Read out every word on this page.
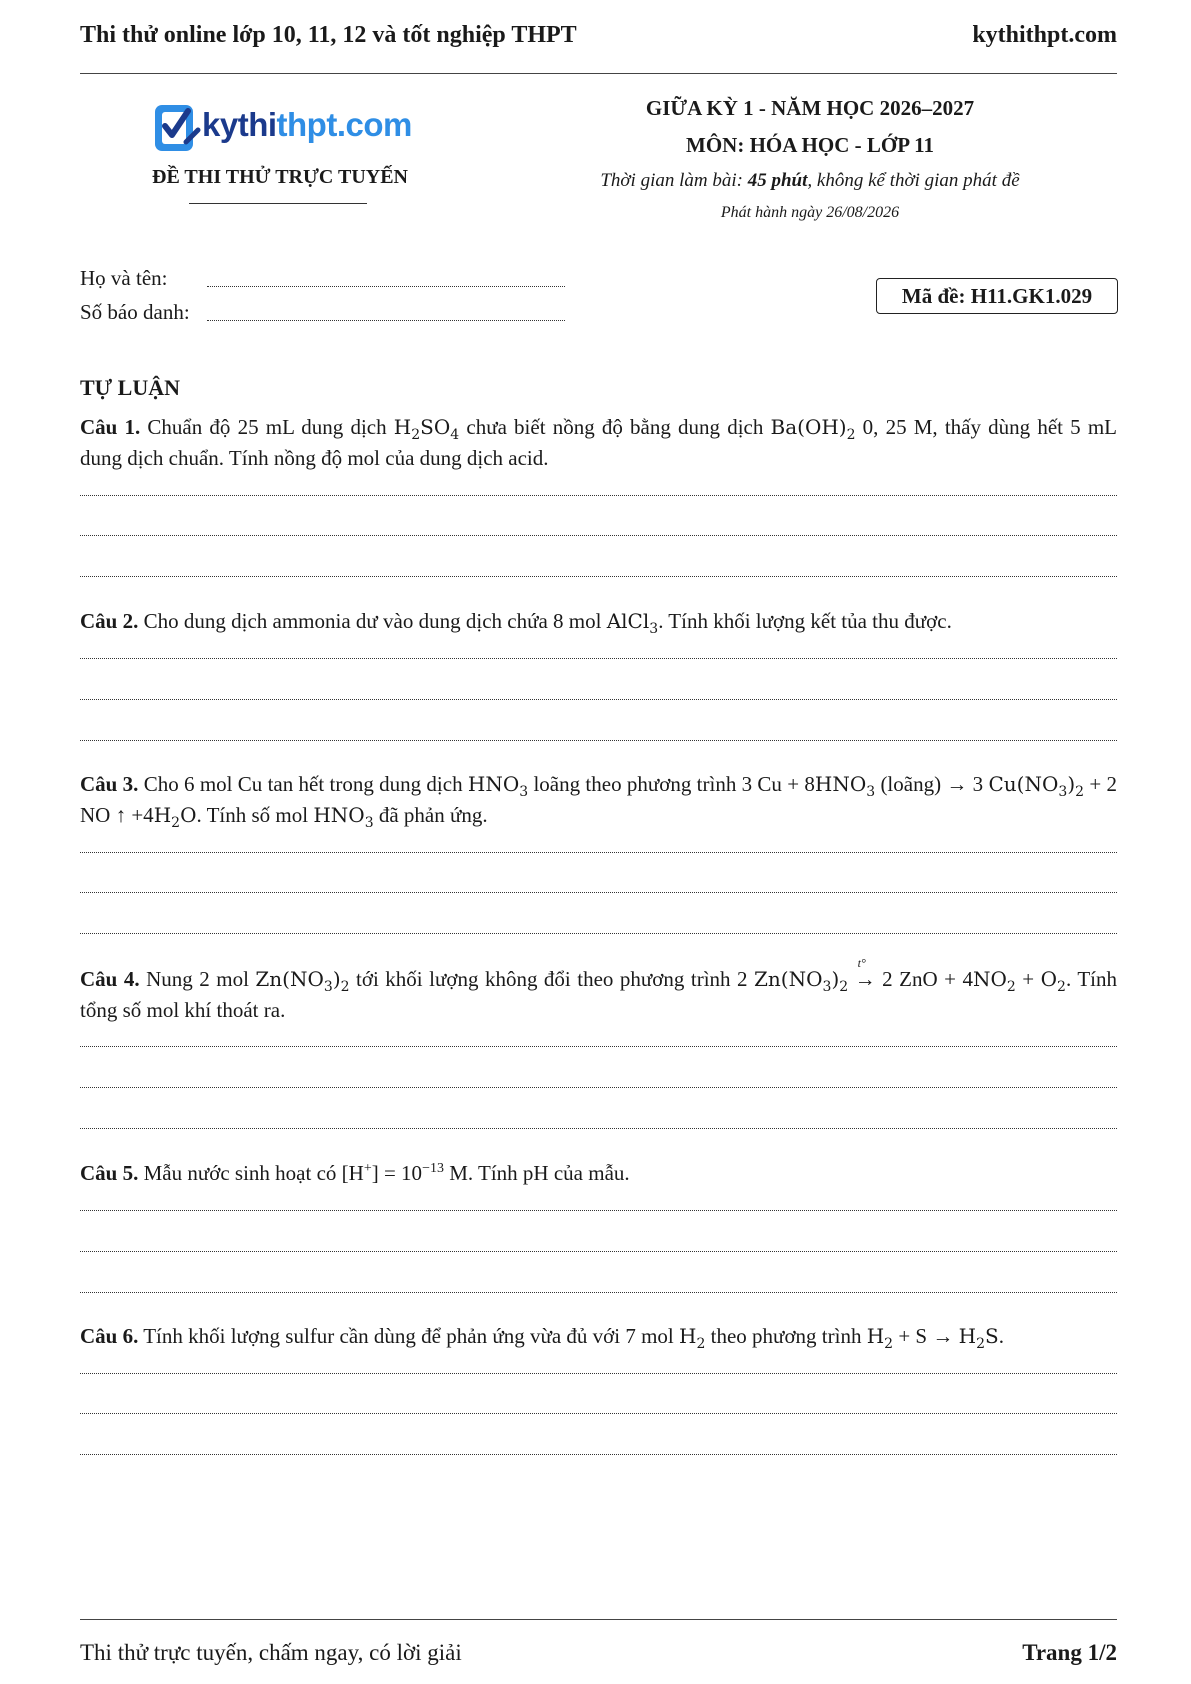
Thi thử online lớp 10, 11, 12 và tốt nghiệp THPT	kythithpt.com
kythithpt.com
ĐỀ THI THỬ TRỰC TUYẾN
GIỮA KỲ 1 - NĂM HỌC 2026–2027
MÔN: HÓA HỌC - LỚP 11
Thời gian làm bài: 45 phút, không kể thời gian phát đề
Phát hành ngày 26/08/2026
Họ và tên:
Số báo danh:
Mã đề: H11.GK1.029
TỰ LUẬN
Câu 1. Chuẩn độ 25 mL dung dịch $H_2SO_4$ chưa biết nồng độ bằng dung dịch $Ba(OH)_2$ 0, 25 M, thấy dùng hết 5 mL dung dịch chuẩn. Tính nồng độ mol của dung dịch acid.
Câu 2. Cho dung dịch ammonia dư vào dung dịch chứa 8 mol AlCl$_3$. Tính khối lượng kết tủa thu được.
Câu 3. Cho 6 mol Cu tan hết trong dung dịch $HNO_3$ loãng theo phương trình 3 $Cu + 8HNO_3$ (loãng) → 3 $Cu(NO_3)_2 + 2$ NO ↑ $+4H_2O$. Tính số mol $HNO_3$ đã phản ứng.
Câu 4. Nung 2 mol $Zn(NO_3)_2$ tới khối lượng không đổi theo phương trình 2 $Zn(NO_3)_2$
t°
→ 2 ZnO + $4NO_2 + O_2$. Tính tổng số mol khí thoát ra.
Câu 5. Mẫu nước sinh hoạt có $[H^+] = 10^{-13}$ M. Tính pH của mẫu.
Câu 6. Tính khối lượng sulfur cần dùng để phản ứng vừa đủ với 7 mol $H_2$ theo phương trình $H_2 + S \to H_2S$.
Thi thử trực tuyến, chấm ngay, có lời giải	Trang 1/2
